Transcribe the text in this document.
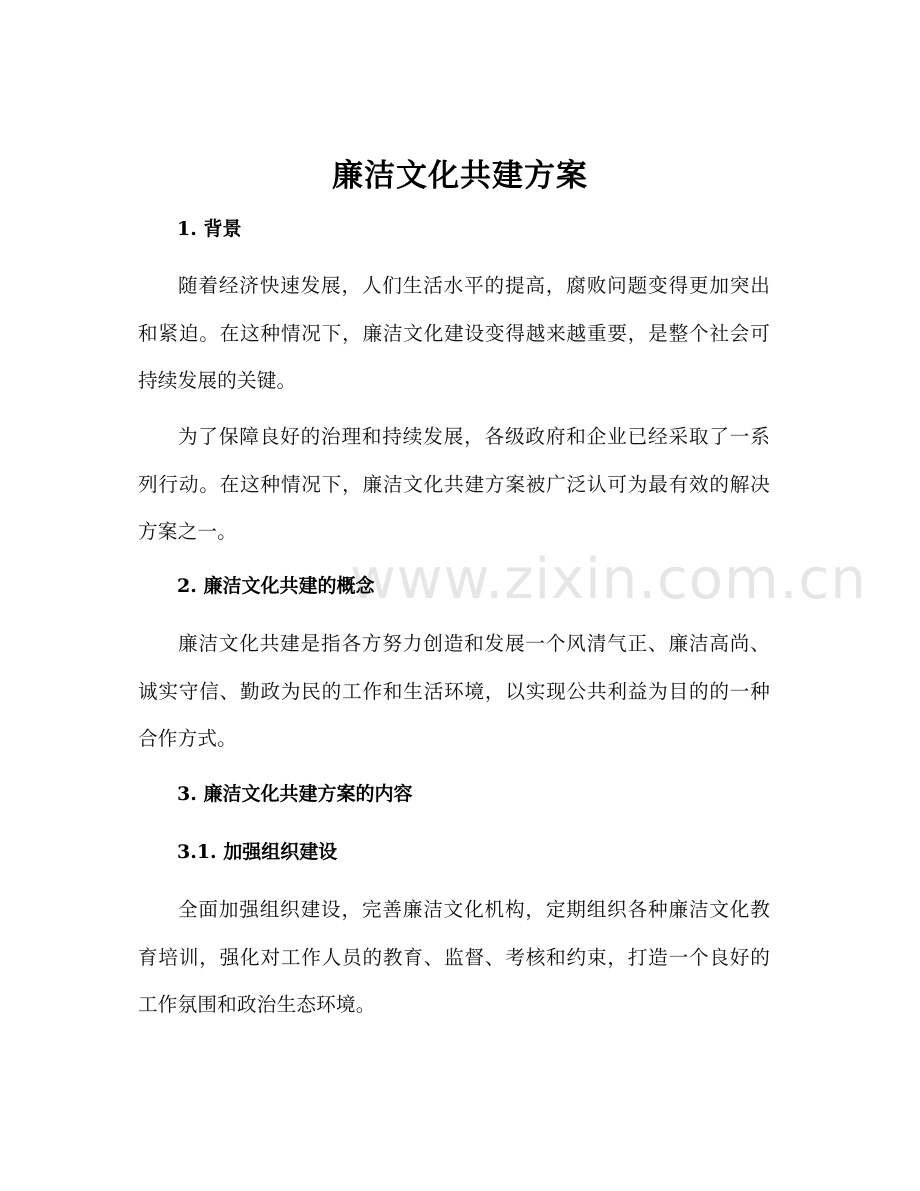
廉洁文化共建方案
1. 背景
随着经济快速发展，人们生活水平的提高，腐败问题变得更加突出和紧迫。在这种情况下，廉洁文化建设变得越来越重要，是整个社会可持续发展的关键。
为了保障良好的治理和持续发展，各级政府和企业已经采取了一系列行动。在这种情况下，廉洁文化共建方案被广泛认可为最有效的解决方案之一。
www.zixin.com.cn
2. 廉洁文化共建的概念
廉洁文化共建是指各方努力创造和发展一个风清气正、廉洁高尚、诚实守信、勤政为民的工作和生活环境，以实现公共利益为目的的一种合作方式。
3. 廉洁文化共建方案的内容
3.1. 加强组织建设
全面加强组织建设，完善廉洁文化机构，定期组织各种廉洁文化教育培训，强化对工作人员的教育、监督、考核和约束，打造一个良好的工作氛围和政治生态环境。
